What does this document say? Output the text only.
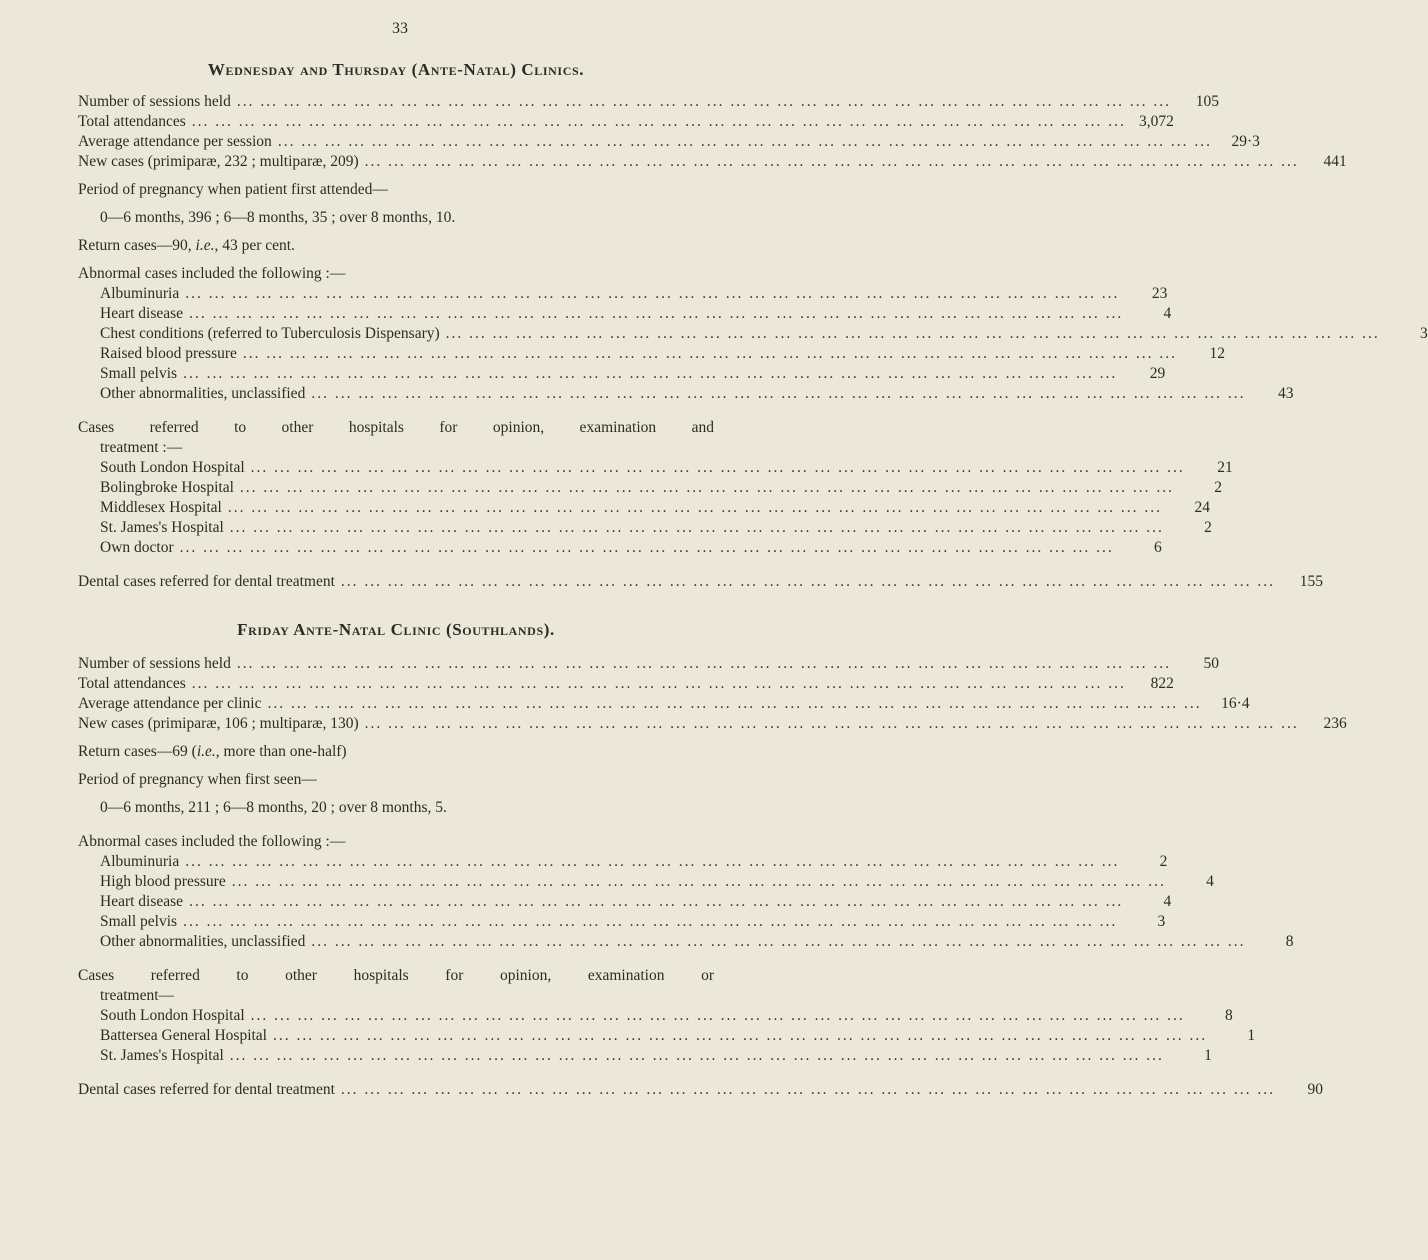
33
Wednesday and Thursday (Ante-Natal) Clinics.
Number of sessions held ... ... ... ... ... ... ... ... ... ... ... ... ... ... ... ... ... ... ... ... ... ... ... ... ... ... ... ... ... ... ... ... ... ... ... ... ... ... ... ...	105
Total attendances ... ... ... ... ... ... ... ... ... ... ... ... ... ... ... ... ... ... ... ... ... ... ... ... ... ... ... ... ... ... ... ... ... ... ... ... ... ... ... ... 3,072
Average attendance per session ... ... ... ... ... ... ... ... ... ... ... ... ... ... ... ... ... ... ... ... ... ... ... ... ... ... ... ... ... ... ... ... ... ... ... ... ... ... ... ...	29·3
New cases (primiparæ, 232 ; multiparæ, 209) ... ... ... ... ... ... ... ... ... ... ... ... ... ... ... ... ... ... ... ... ... ... ... ... ... ... ... ... ... ... ... ... ... ... ... ... ... ... ... ...	441

Period of pregnancy when patient first attended—

0—6 months, 396 ; 6—8 months, 35 ; over 8 months, 10.

Return cases—90, i.e., 43 per cent.

Abnormal cases included the following :—

Albuminuria ... ... ... ... ... ... ... ... ... ... ... ... ... ... ... ... ... ... ... ... ... ... ... ... ... ... ... ... ... ... ... ... ... ... ... ... ... ... ... ...	23
Heart disease ... ... ... ... ... ... ... ... ... ... ... ... ... ... ... ... ... ... ... ... ... ... ... ... ... ... ... ... ... ... ... ... ... ... ... ... ... ... ... ...	4
Chest conditions (referred to Tuberculosis Dispensary) ... ... ... ... ... ... ... ... ... ... ... ... ... ... ... ... ... ... ... ... ... ... ... ... ... ... ... ... ... ... ... ... ... ... ... ... ... ... ... ...	3
Raised blood pressure ... ... ... ... ... ... ... ... ... ... ... ... ... ... ... ... ... ... ... ... ... ... ... ... ... ... ... ... ... ... ... ... ... ... ... ... ... ... ... ...	12
Small pelvis ... ... ... ... ... ... ... ... ... ... ... ... ... ... ... ... ... ... ... ... ... ... ... ... ... ... ... ... ... ... ... ... ... ... ... ... ... ... ... ...	29
Other abnormalities, unclassified ... ... ... ... ... ... ... ... ... ... ... ... ... ... ... ... ... ... ... ... ... ... ... ... ... ... ... ... ... ... ... ... ... ... ... ... ... ... ... ...	43

Cases referred to other hospitals for opinion, examination and

treatment :—

South London Hospital ... ... ... ... ... ... ... ... ... ... ... ... ... ... ... ... ... ... ... ... ... ... ... ... ... ... ... ... ... ... ... ... ... ... ... ... ... ... ... ...	21
Bolingbroke Hospital ... ... ... ... ... ... ... ... ... ... ... ... ... ... ... ... ... ... ... ... ... ... ... ... ... ... ... ... ... ... ... ... ... ... ... ... ... ... ... ...	2
Middlesex Hospital ... ... ... ... ... ... ... ... ... ... ... ... ... ... ... ... ... ... ... ... ... ... ... ... ... ... ... ... ... ... ... ... ... ... ... ... ... ... ... ...	24
St. James's Hospital ... ... ... ... ... ... ... ... ... ... ... ... ... ... ... ... ... ... ... ... ... ... ... ... ... ... ... ... ... ... ... ... ... ... ... ... ... ... ... ...	2
Own doctor ... ... ... ... ... ... ... ... ... ... ... ... ... ... ... ... ... ... ... ... ... ... ... ... ... ... ... ... ... ... ... ... ... ... ... ... ... ... ... ...	6
Dental cases referred for dental treatment ... ... ... ... ... ... ... ... ... ... ... ... ... ... ... ... ... ... ... ... ... ... ... ... ... ... ... ... ... ... ... ... ... ... ... ... ... ... ... ...	155
Friday Ante-Natal Clinic (Southlands).
Number of sessions held ... ... ... ... ... ... ... ... ... ... ... ... ... ... ... ... ... ... ... ... ... ... ... ... ... ... ... ... ... ... ... ... ... ... ... ... ... ... ... ...	50
Total attendances ... ... ... ... ... ... ... ... ... ... ... ... ... ... ... ... ... ... ... ... ... ... ... ... ... ... ... ... ... ... ... ... ... ... ... ... ... ... ... ...	822
Average attendance per clinic ... ... ... ... ... ... ... ... ... ... ... ... ... ... ... ... ... ... ... ... ... ... ... ... ... ... ... ... ... ... ... ... ... ... ... ... ... ... ... ...	16·4
New cases (primiparæ, 106 ; multiparæ, 130) ... ... ... ... ... ... ... ... ... ... ... ... ... ... ... ... ... ... ... ... ... ... ... ... ... ... ... ... ... ... ... ... ... ... ... ... ... ... ... ...	236

Return cases—69 (i.e., more than one-half)

Period of pregnancy when first seen—

0—6 months, 211 ; 6—8 months, 20 ; over 8 months, 5.

Abnormal cases included the following :—

Albuminuria ... ... ... ... ... ... ... ... ... ... ... ... ... ... ... ... ... ... ... ... ... ... ... ... ... ... ... ... ... ... ... ... ... ... ... ... ... ... ... ...	2
High blood pressure ... ... ... ... ... ... ... ... ... ... ... ... ... ... ... ... ... ... ... ... ... ... ... ... ... ... ... ... ... ... ... ... ... ... ... ... ... ... ... ...	4
Heart disease ... ... ... ... ... ... ... ... ... ... ... ... ... ... ... ... ... ... ... ... ... ... ... ... ... ... ... ... ... ... ... ... ... ... ... ... ... ... ... ...	4
Small pelvis ... ... ... ... ... ... ... ... ... ... ... ... ... ... ... ... ... ... ... ... ... ... ... ... ... ... ... ... ... ... ... ... ... ... ... ... ... ... ... ...	3
Other abnormalities, unclassified ... ... ... ... ... ... ... ... ... ... ... ... ... ... ... ... ... ... ... ... ... ... ... ... ... ... ... ... ... ... ... ... ... ... ... ... ... ... ... ...	8

Cases referred to other hospitals for opinion, examination or

treatment—

South London Hospital ... ... ... ... ... ... ... ... ... ... ... ... ... ... ... ... ... ... ... ... ... ... ... ... ... ... ... ... ... ... ... ... ... ... ... ... ... ... ... ...	8
Battersea General Hospital ... ... ... ... ... ... ... ... ... ... ... ... ... ... ... ... ... ... ... ... ... ... ... ... ... ... ... ... ... ... ... ... ... ... ... ... ... ... ... ...	1
St. James's Hospital ... ... ... ... ... ... ... ... ... ... ... ... ... ... ... ... ... ... ... ... ... ... ... ... ... ... ... ... ... ... ... ... ... ... ... ... ... ... ... ...	1
Dental cases referred for dental treatment ... ... ... ... ... ... ... ... ... ... ... ... ... ... ... ... ... ... ... ... ... ... ... ... ... ... ... ... ... ... ... ... ... ... ... ... ... ... ... ...	90
